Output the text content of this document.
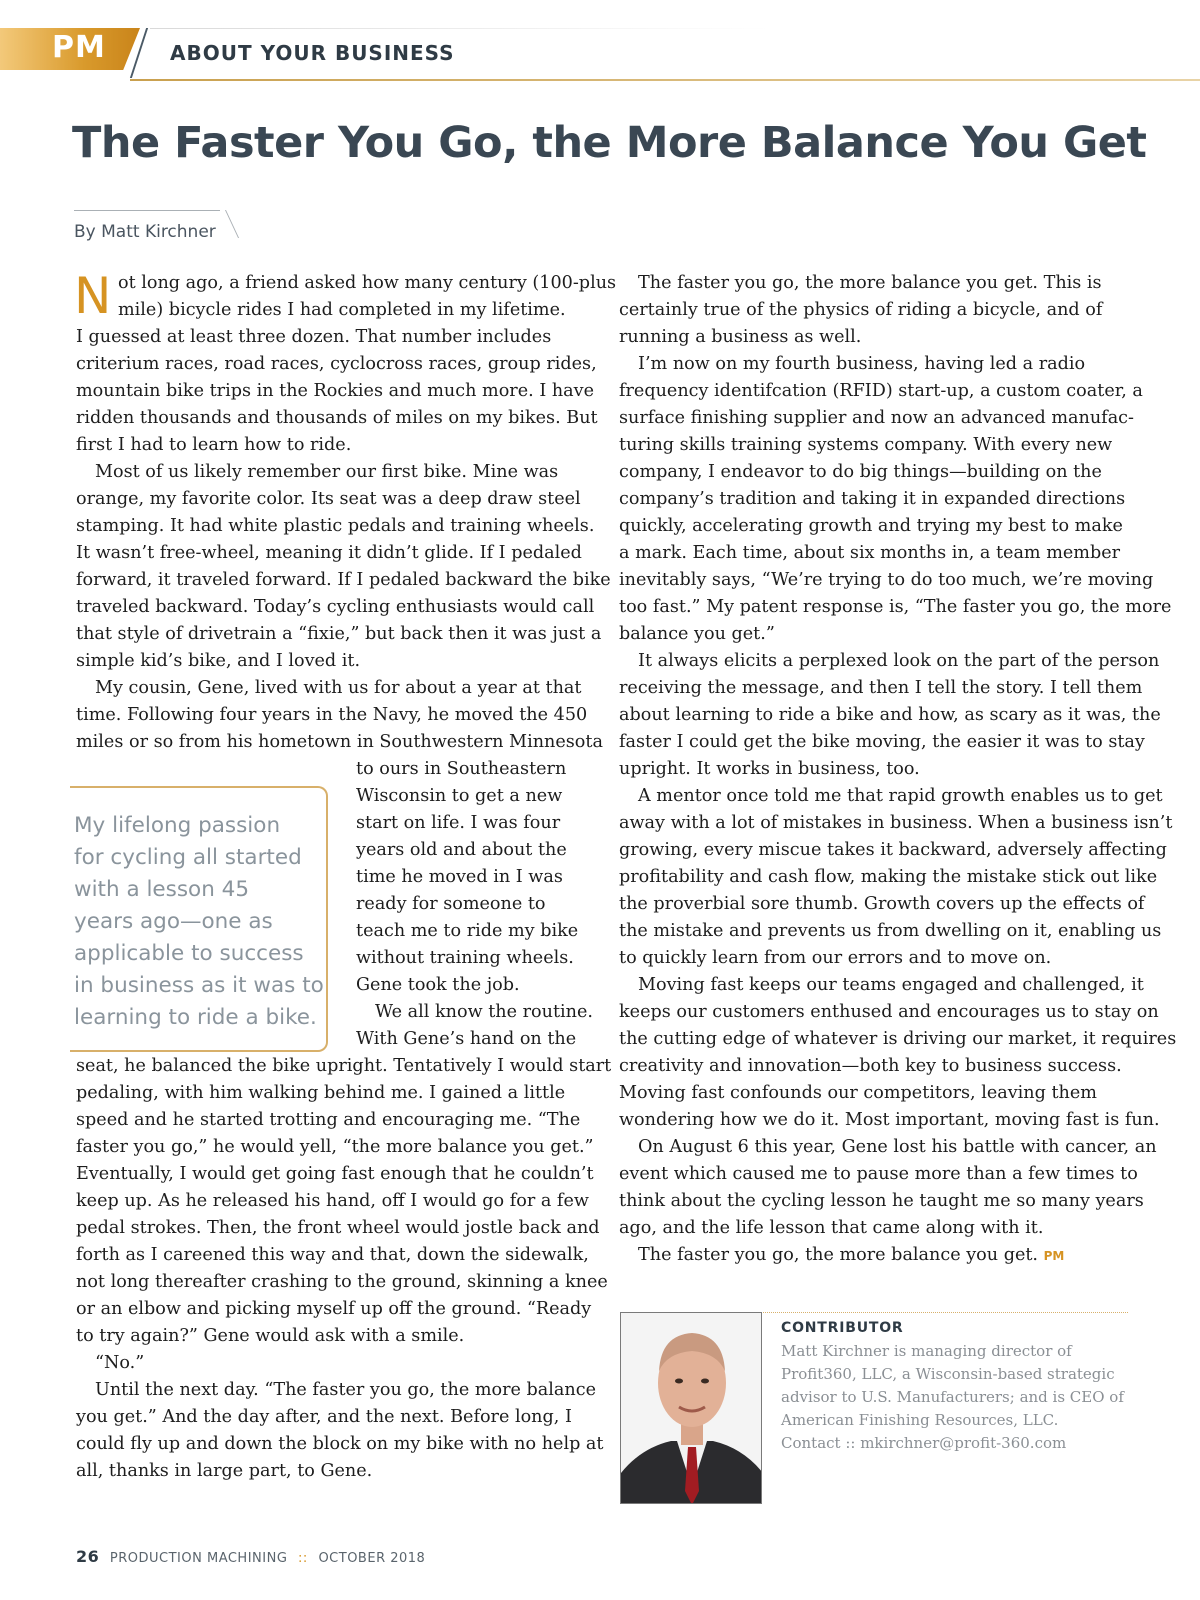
PM	ABOUT YOUR BUSINESS
The Faster You Go, the More Balance You Get
By Matt Kirchner
N ot long ago, a friend asked how many century (100-plus
mile) bicycle rides I had completed in my lifetime.
I guessed at least three dozen. That number includes
criterium races, road races, cyclocross races, group rides,
mountain bike trips in the Rockies and much more. I have
ridden thousands and thousands of miles on my bikes. But
first I had to learn how to ride.
Most of us likely remember our first bike. Mine was
orange, my favorite color. Its seat was a deep draw steel
stamping. It had white plastic pedals and training wheels.
It wasn’t free-wheel, meaning it didn’t glide. If I pedaled
forward, it traveled forward. If I pedaled backward the bike
traveled backward. Today’s cycling enthusiasts would call
that style of drivetrain a “fixie,” but back then it was just a
simple kid’s bike, and I loved it.
My cousin, Gene, lived with us for about a year at that
time. Following four years in the Navy, he moved the 450
miles or so from his hometown in Southwestern Minnesota
to ours in Southeastern
Wisconsin to get a new
start on life. I was four
years old and about the
time he moved in I was
ready for someone to
teach me to ride my bike
without training wheels.
Gene took the job.
We all know the routine.
With Gene’s hand on the
seat, he balanced the bike upright. Tentatively I would start
pedaling, with him walking behind me. I gained a little
speed and he started trotting and encouraging me. “The
faster you go,” he would yell, “the more balance you get.”
Eventually, I would get going fast enough that he couldn’t
keep up. As he released his hand, off I would go for a few
pedal strokes. Then, the front wheel would jostle back and
forth as I careened this way and that, down the sidewalk,
not long thereafter crashing to the ground, skinning a knee
or an elbow and picking myself up off the ground. “Ready
to try again?” Gene would ask with a smile.
“No.”
Until the next day. “The faster you go, the more balance
you get.” And the day after, and the next. Before long, I
could fly up and down the block on my bike with no help at
all, thanks in large part, to Gene.
My lifelong passion
for cycling all started
with a lesson 45
years ago—one as
applicable to success
in business as it was to
learning to ride a bike.
The faster you go, the more balance you get. This is
certainly true of the physics of riding a bicycle, and of
running a business as well.
I’m now on my fourth business, having led a radio
frequency identifcation (RFID) start-up, a custom coater, a
surface finishing supplier and now an advanced manufac-
turing skills training systems company. With every new
company, I endeavor to do big things—building on the
company’s tradition and taking it in expanded directions
quickly, accelerating growth and trying my best to make
a mark. Each time, about six months in, a team member
inevitably says, “We’re trying to do too much, we’re moving
too fast.” My patent response is, “The faster you go, the more
balance you get.”
It always elicits a perplexed look on the part of the person
receiving the message, and then I tell the story. I tell them
about learning to ride a bike and how, as scary as it was, the
faster I could get the bike moving, the easier it was to stay
upright. It works in business, too.
A mentor once told me that rapid growth enables us to get
away with a lot of mistakes in business. When a business isn’t
growing, every miscue takes it backward, adversely affecting
profitability and cash flow, making the mistake stick out like
the proverbial sore thumb. Growth covers up the effects of
the mistake and prevents us from dwelling on it, enabling us
to quickly learn from our errors and to move on.
Moving fast keeps our teams engaged and challenged, it
keeps our customers enthused and encourages us to stay on
the cutting edge of whatever is driving our market, it requires
creativity and innovation—both key to business success.
Moving fast confounds our competitors, leaving them
wondering how we do it. Most important, moving fast is fun.
On August 6 this year, Gene lost his battle with cancer, an
event which caused me to pause more than a few times to
think about the cycling lesson he taught me so many years
ago, and the life lesson that came along with it.
The faster you go, the more balance you get. PM
CONTRIBUTOR
Matt Kirchner is managing director of
Profit360, LLC, a Wisconsin-based strategic
advisor to U.S. Manufacturers; and is CEO of
American Finishing Resources, LLC.
Contact :: mkirchner@profit-360.com
26 PRODUCTION MACHINING :: OCTOBER 2018
